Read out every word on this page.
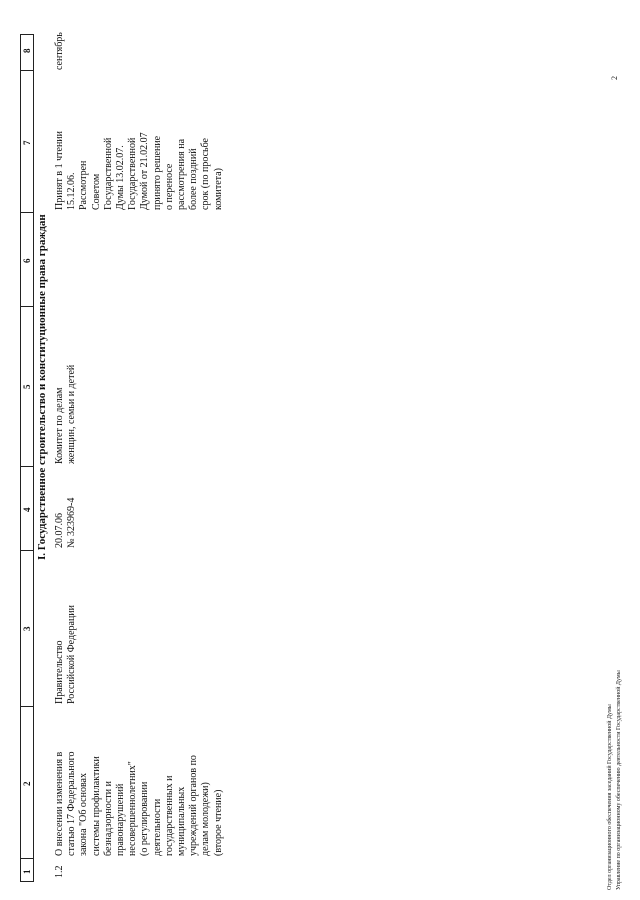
1
2
3
4
5
6
7
8
I. Государственное строительство и конституционные права граждан
1.2
О внесении изменения в статью 17 Федерального закона "Об основах системы профилактики безнадзорности и правонарушений несовершеннолетних" (о регулировании деятельности государственных и муниципальных учреждений органов по делам молодежи) (второе чтение)
Правительство Российской Федерации
20.07.06 № 323969-4
Комитет по делам женщин, семьи и детей
Принят в 1 чтении 15.12.06. Рассмотрен Советом Государственной Думы 13.02.07. Государственной Думой от 21.02.07 принято решение о переносе рассмотрения на более поздний срок (по просьбе комитета)
сентябрь
Отдел организационного обеспечения заседаний Государственной Думы Управление по организационному обеспечению деятельности Государственной Думы
2
